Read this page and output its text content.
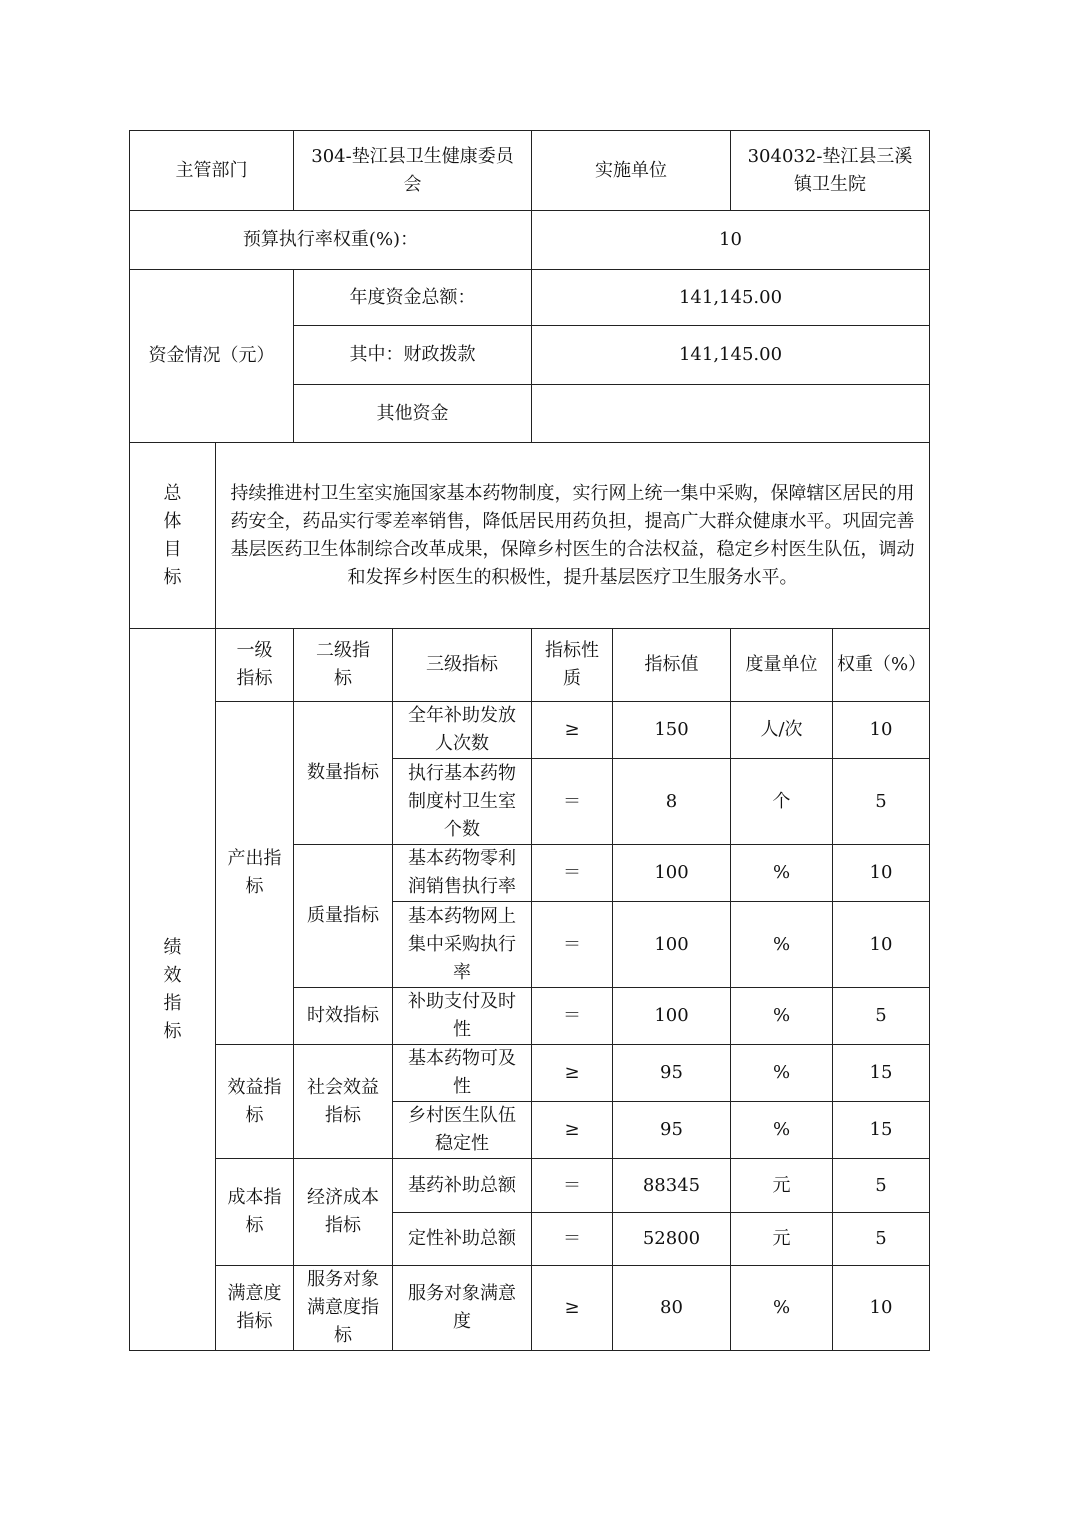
主管部门		304-垫江县卫生健康委员会		实施单位		304032-垫江县三溪镇卫生院	
预算执行率权重(%)：				10			
资金情况（元）		年度资金总额：		141,145.00			
		其中：财政拨款		141,145.00			
		其他资金					
总体目标	持续推进村卫生室实施国家基本药物制度，实行网上统一集中采购，保障辖区居民的用药安全，药品实行零差率销售，降低居民用药负担，提高广大群众健康水平。巩固完善基层医药卫生体制综合改革成果，保障乡村医生的合法权益，稳定乡村医生队伍，调动和发挥乡村医生的积极性，提升基层医疗卫生服务水平。						
绩效指标	一级指标	二级指标	三级指标	指标性质	指标值	度量单位	权重（%）
	产出指标	数量指标	全年补助发放人次数	≥	150	人/次	10
			执行基本药物制度村卫生室个数	＝	8	个	5
		质量指标	基本药物零利润销售执行率	＝	100	%	10
			基本药物网上集中采购执行率	＝	100	%	10
		时效指标	补助支付及时性	＝	100	%	5
	效益指标	社会效益指标	基本药物可及性	≥	95	%	15
			乡村医生队伍稳定性	≥	95	%	15
	成本指标	经济成本指标	基药补助总额	＝	88345	元	5
			定性补助总额	＝	52800	元	5
	满意度指标	服务对象满意度指标	服务对象满意度	≥	80	%	10
